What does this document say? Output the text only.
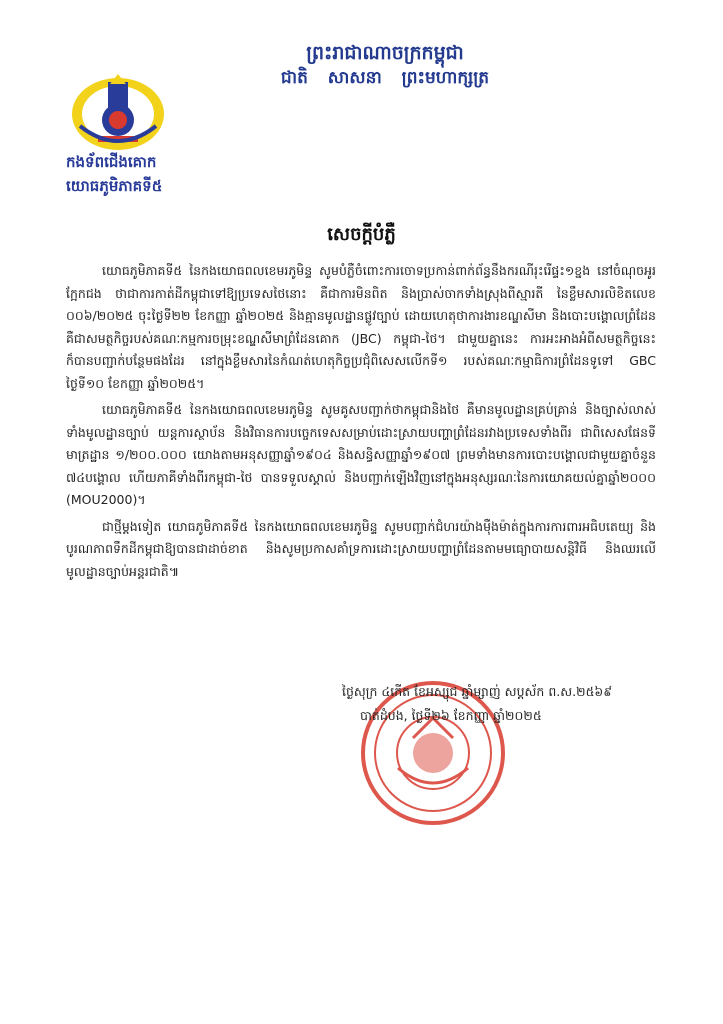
ព្រះរាជាណាចក្រកម្ពុជា
ជាតិ សាសនា ព្រះមហាក្សត្រ
កងទ័ពជើងគោក
យោធភូមិភាគទី៥
សេចក្ដីបំភ្លឺ

យោធភូមិភាគទី៥ នៃកងយោធពលខេមរភូមិន្ទ សូមបំភ្លឺចំពោះការចោទប្រកាន់ពាក់ព័ន្ធនឹងករណីរុះរើផ្ទះ១ខ្នង នៅចំណុចអូរក្អែកជង ថាជាការកាត់ដីកម្ពុជាទៅឱ្យប្រទេសថៃនោះ គឺជាការមិនពិត និងប្រាស់ចាកទាំងស្រុងពីស្មារតី នៃខ្លឹមសារលិខិតលេខ ០០៦/២០២៥ ចុះថ្ងៃទី២២ ខែកញ្ញា ឆ្នាំ២០២៥ និងគ្មានមូលដ្ឋានផ្លូវច្បាប់ ដោយហេតុថាការងារខណ្ឌសីមា និងបោះបង្គោលព្រំដែន គឺជាសមត្ថកិច្ចរបស់គណៈកម្មការចម្រុះខណ្ឌសីមាព្រំដែនគោក (JBC) កម្ពុជា-ថៃ។ ជាមួយគ្នានេះ ការអះអាងអំពីសមត្ថកិច្ចនេះ ក៏បានបញ្ជាក់បន្ថែមផងដែរ នៅក្នុងខ្លឹមសារនៃកំណត់ហេតុកិច្ចប្រជុំពិសេសលើកទី១ របស់គណៈកម្មាធិការព្រំដែនទូទៅ GBC ថ្ងៃទី១០ ខែកញ្ញា ឆ្នាំ២០២៥។

យោធភូមិភាគទី៥ នៃកងយោធពលខេមរភូមិន្ទ សូមគូសបញ្ជាក់ថាកម្ពុជានិងថៃ គឺមានមូលដ្ឋានគ្រប់គ្រាន់ និងច្បាស់លាស់ ទាំងមូលដ្ឋានច្បាប់ យន្តការស្ថាប័ន និងវិធានការបច្ចេកទេសសម្រាប់ដោះស្រាយបញ្ហាព្រំដែនរវាងប្រទេសទាំងពីរ ជាពិសេសផែនទីមាត្រដ្ឋាន ១/២០០.០០០ យោងតាមអនុសញ្ញាឆ្នាំ១៩០៤ និងសន្ធិសញ្ញាឆ្នាំ១៩០៧ ព្រមទាំងមានការបោះបង្គោលជាមួយគ្នាចំនួន ៧៤បង្គោល ហើយភាគីទាំងពីរកម្ពុជា-ថៃ បានទទួលស្គាល់ និងបញ្ជាក់ឡើងវិញនៅក្នុងអនុស្សរណៈនៃការយោគយល់គ្នាឆ្នាំ២០០០ (MOU2000)។

ជាថ្មីម្ដងទៀត យោធភូមិភាគទី៥ នៃកងយោធពលខេមរភូមិន្ទ សូមបញ្ជាក់ជំហរយ៉ាងម៉ឺងម៉ាត់ក្នុងការការពារអធិបតេយ្យ និងបូរណភាពទឹកដីកម្ពុជាឱ្យបានជាដាច់ខាត និងសូមប្រកាសគាំទ្រការដោះស្រាយបញ្ហាព្រំដែនតាមមធ្យោបាយសន្តិវិធី និងឈរលើមូលដ្ឋានច្បាប់អន្តរជាតិ៕

ថ្ងៃសុក្រ ៤កើត ខែអស្សុជ ឆ្នាំម្សាញ់ សប្តស័ក ព.ស.២៥៦៩
បាត់ដំបង, ថ្ងៃទី២៦ ខែកញ្ញា ឆ្នាំ២០២៥
